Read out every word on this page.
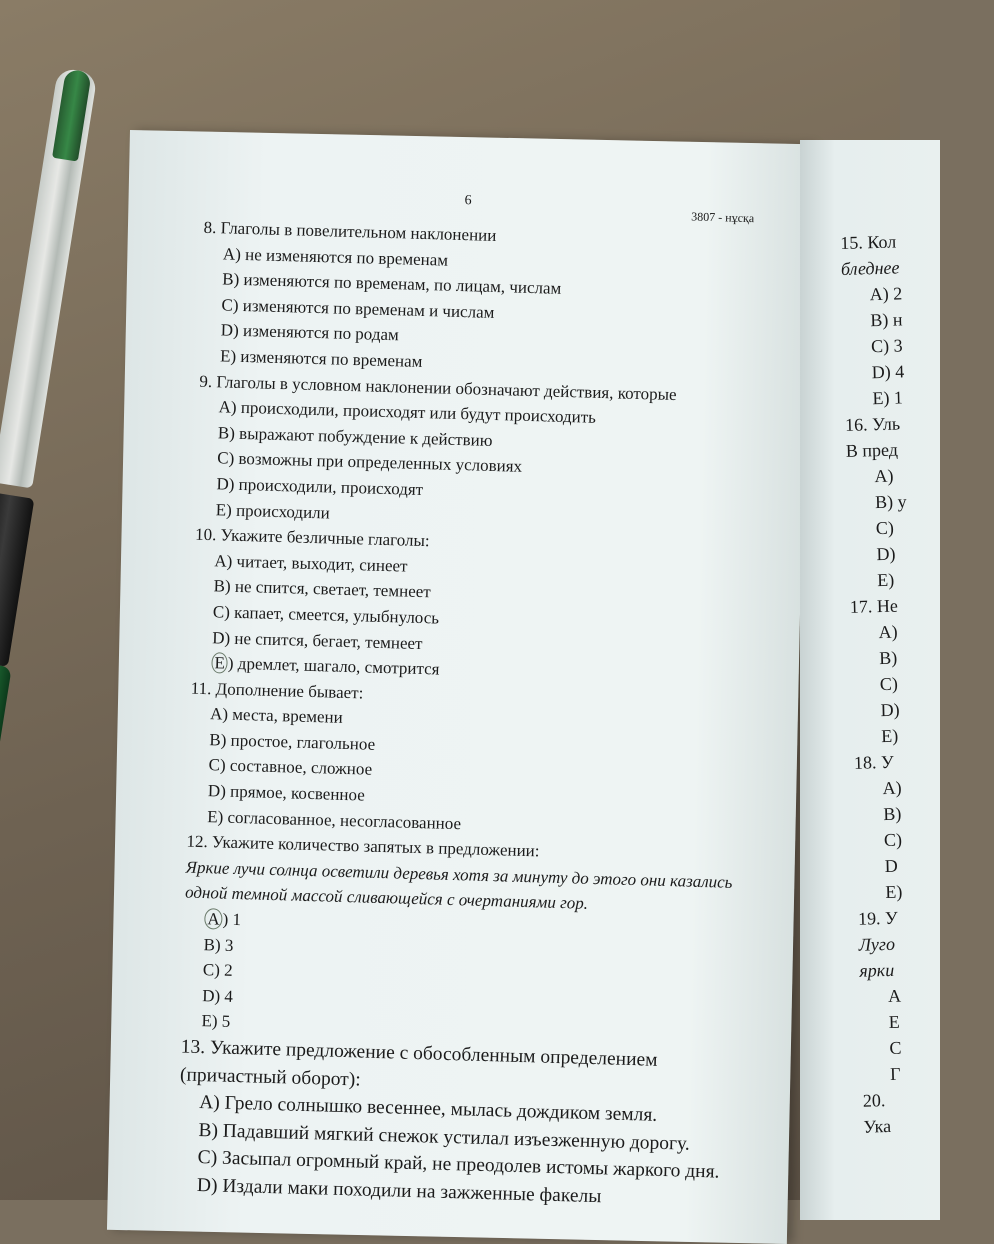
6
3807 - нұсқа
8. Глаголы в повелительном наклонении
А) не изменяются по временам
В) изменяются по временам, по лицам, числам
С) изменяются по временам и числам
D) изменяются по родам
Е) изменяются по временам
9. Глаголы в условном наклонении обозначают действия, которые
А) происходили, происходят или будут происходить
В) выражают побуждение к действию
С) возможны при определенных условиях
D) происходили, происходят
Е) происходили
10. Укажите безличные глаголы:
А) читает, выходит, синеет
В) не спится, светает, темнеет
С) капает, смеется, улыбнулось
D) не спится, бегает, темнеет
Е ) дремлет, шагало, смотрится
11. Дополнение бывает:
А) места, времени
В) простое, глагольное
С) составное, сложное
D) прямое, косвенное
Е) согласованное, несогласованное
12. Укажите количество запятых в предложении:
Яркие лучи солнца осветили деревья хотя за минуту до этого они казались одной темной массой сливающейся с очертаниями гор.
А ) 1
В) 3
С) 2
D) 4
Е) 5
13. Укажите предложение с обособленным определением (причастный оборот):
А) Грело солнышко весеннее, мылась дождиком земля.
В) Падавший мягкий снежок устилал изъезженную дорогу.
С) Засыпал огромный край, не преодолев истомы жаркого дня.
D) Издали маки походили на зажженные факелы
15. Кол
бледнее
А) 2
В) н
С) 3
D) 4
Е) 1
16. Уль
В пред
А)
В) у
С)
D)
Е)
17. Не
А)
В)
С)
D)
Е)
18. У
А)
В)
С)
D
Е)
19. У
Луго
ярки
А
Е
С
Г
20.
Ука
